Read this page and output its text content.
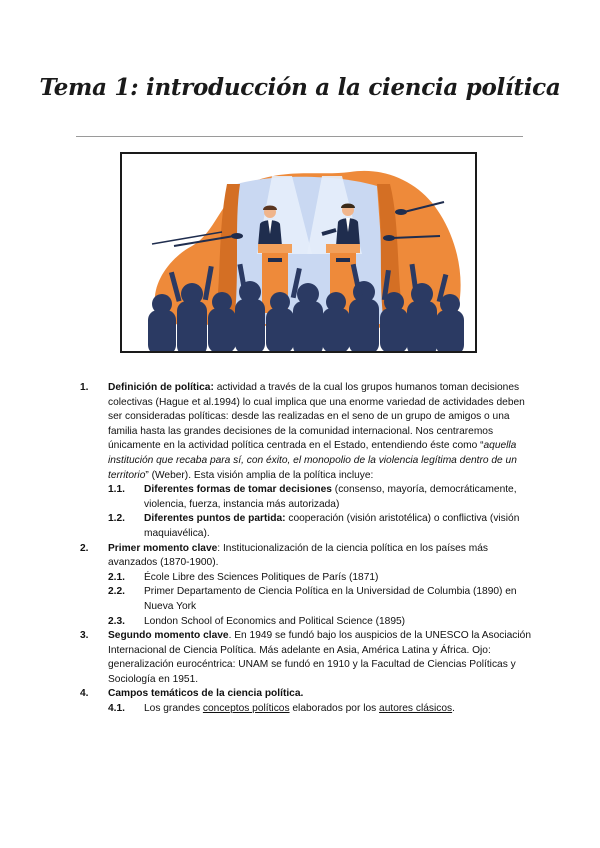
Tema 1: introducción a la ciencia política
1. Definición de política: actividad a través de la cual los grupos humanos toman decisiones colectivas (Hague et al.1994) lo cual implica que una enorme variedad de actividades deben ser consideradas políticas: desde las realizadas en el seno de un grupo de amigos o una familia hasta las grandes decisiones de la comunidad internacional. Nos centraremos únicamente en la actividad política centrada en el Estado, entendiendo éste como “aquella institución que recaba para sí, con éxito, el monopolio de la violencia legítima dentro de un territorio” (Weber). Esta visión amplia de la política incluye:
1.1. Diferentes formas de tomar decisiones (consenso, mayoría, democráticamente, violencia, fuerza, instancia más autorizada)
1.2. Diferentes puntos de partida: cooperación (visión aristotélica) o conflictiva (visión maquiavélica).
2. Primer momento clave: Institucionalización de la ciencia política en los países más avanzados (1870-1900).
2.1. École Libre des Sciences Politiques de París (1871)
2.2. Primer Departamento de Ciencia Política en la Universidad de Columbia (1890) en Nueva York
2.3. London School of Economics and Political Science (1895)
3. Segundo momento clave. En 1949 se fundó bajo los auspicios de la UNESCO la Asociación Internacional de Ciencia Política. Más adelante en Asia, América Latina y África. Ojo: generalización eurocéntrica: UNAM se fundó en 1910 y la Facultad de Ciencias Políticas y Sociología en 1951.
4. Campos temáticos de la ciencia política.
4.1. Los grandes conceptos políticos elaborados por los autores clásicos.
